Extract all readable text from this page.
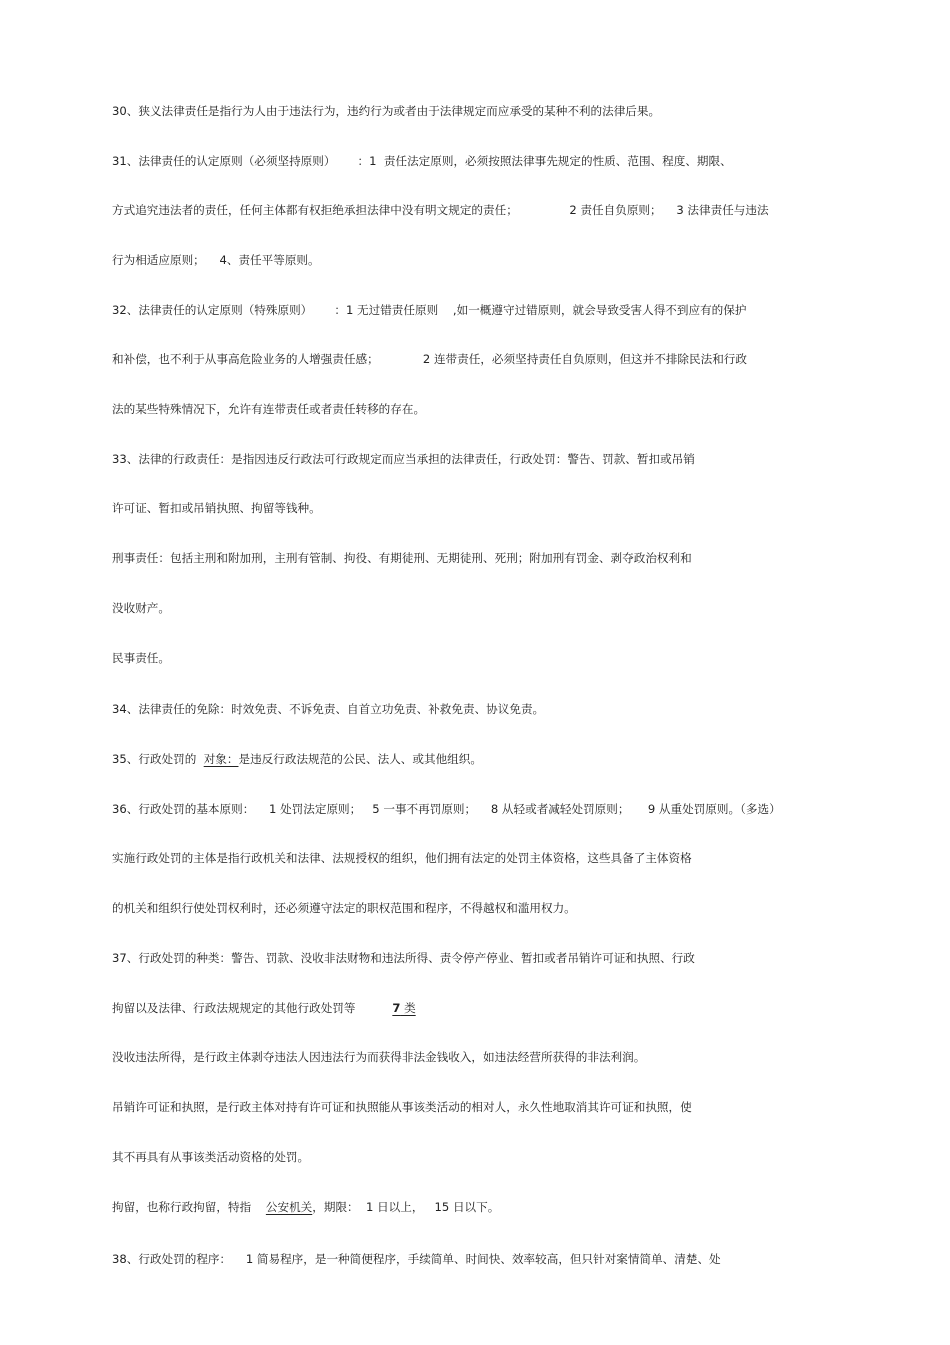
30、狭义法律责任是指行为人由于违法行为，违约行为或者由于法律规定而应承受的某种不利的法律后果。
31、法律责任的认定原则（必须坚持原则）      ：1  责任法定原则，必须按照法律事先规定的性质、范围、程度、期限、
方式追究违法者的责任，任何主体都有权拒绝承担法律中没有明文规定的责任；              2 责任自负原则；    3 法律责任与违法
行为相适应原则；    4、责任平等原则。
32、法律责任的认定原则（特殊原则）      ：1 无过错责任原则    ,如一概遵守过错原则，就会导致受害人得不到应有的保护
和补偿，也不利于从事高危险业务的人增强责任感；            2 连带责任，必须坚持责任自负原则，但这并不排除民法和行政
法的某些特殊情况下，允许有连带责任或者责任转移的存在。
33、法律的行政责任：是指因违反行政法可行政规定而应当承担的法律责任，行政处罚：警告、罚款、暂扣或吊销
许可证、暂扣或吊销执照、拘留等钱种。
刑事责任：包括主刑和附加刑，主刑有管制、拘役、有期徒刑、无期徒刑、死刑；附加刑有罚金、剥夺政治权利和
没收财产。
民事责任。
34、法律责任的免除：时效免责、不诉免责、自首立功免责、补救免责、协议免责。
35、行政处罚的  对象：是违反行政法规范的公民、法人、或其他组织。
36、行政处罚的基本原则：    1 处罚法定原则；   5 一事不再罚原则；    8 从轻或者减轻处罚原则；     9 从重处罚原则。（多选）
实施行政处罚的主体是指行政机关和法律、法规授权的组织，他们拥有法定的处罚主体资格，这些具备了主体资格
的机关和组织行使处罚权利时，还必须遵守法定的职权范围和程序，不得越权和滥用权力。
37、行政处罚的种类：警告、罚款、没收非法财物和违法所得、责令停产停业、暂扣或者吊销许可证和执照、行政
拘留以及法律、行政法规规定的其他行政处罚等          7 类
没收违法所得，是行政主体剥夺违法人因违法行为而获得非法金钱收入，如违法经营所获得的非法利润。
吊销许可证和执照，是行政主体对持有许可证和执照能从事该类活动的相对人，永久性地取消其许可证和执照，使
其不再具有从事该类活动资格的处罚。
拘留，也称行政拘留，特指    公安机关，期限：  1 日以上，   15 日以下。
38、行政处罚的程序：    1 简易程序，是一种简便程序，手续简单、时间快、效率较高，但只针对案情简单、清楚、处
